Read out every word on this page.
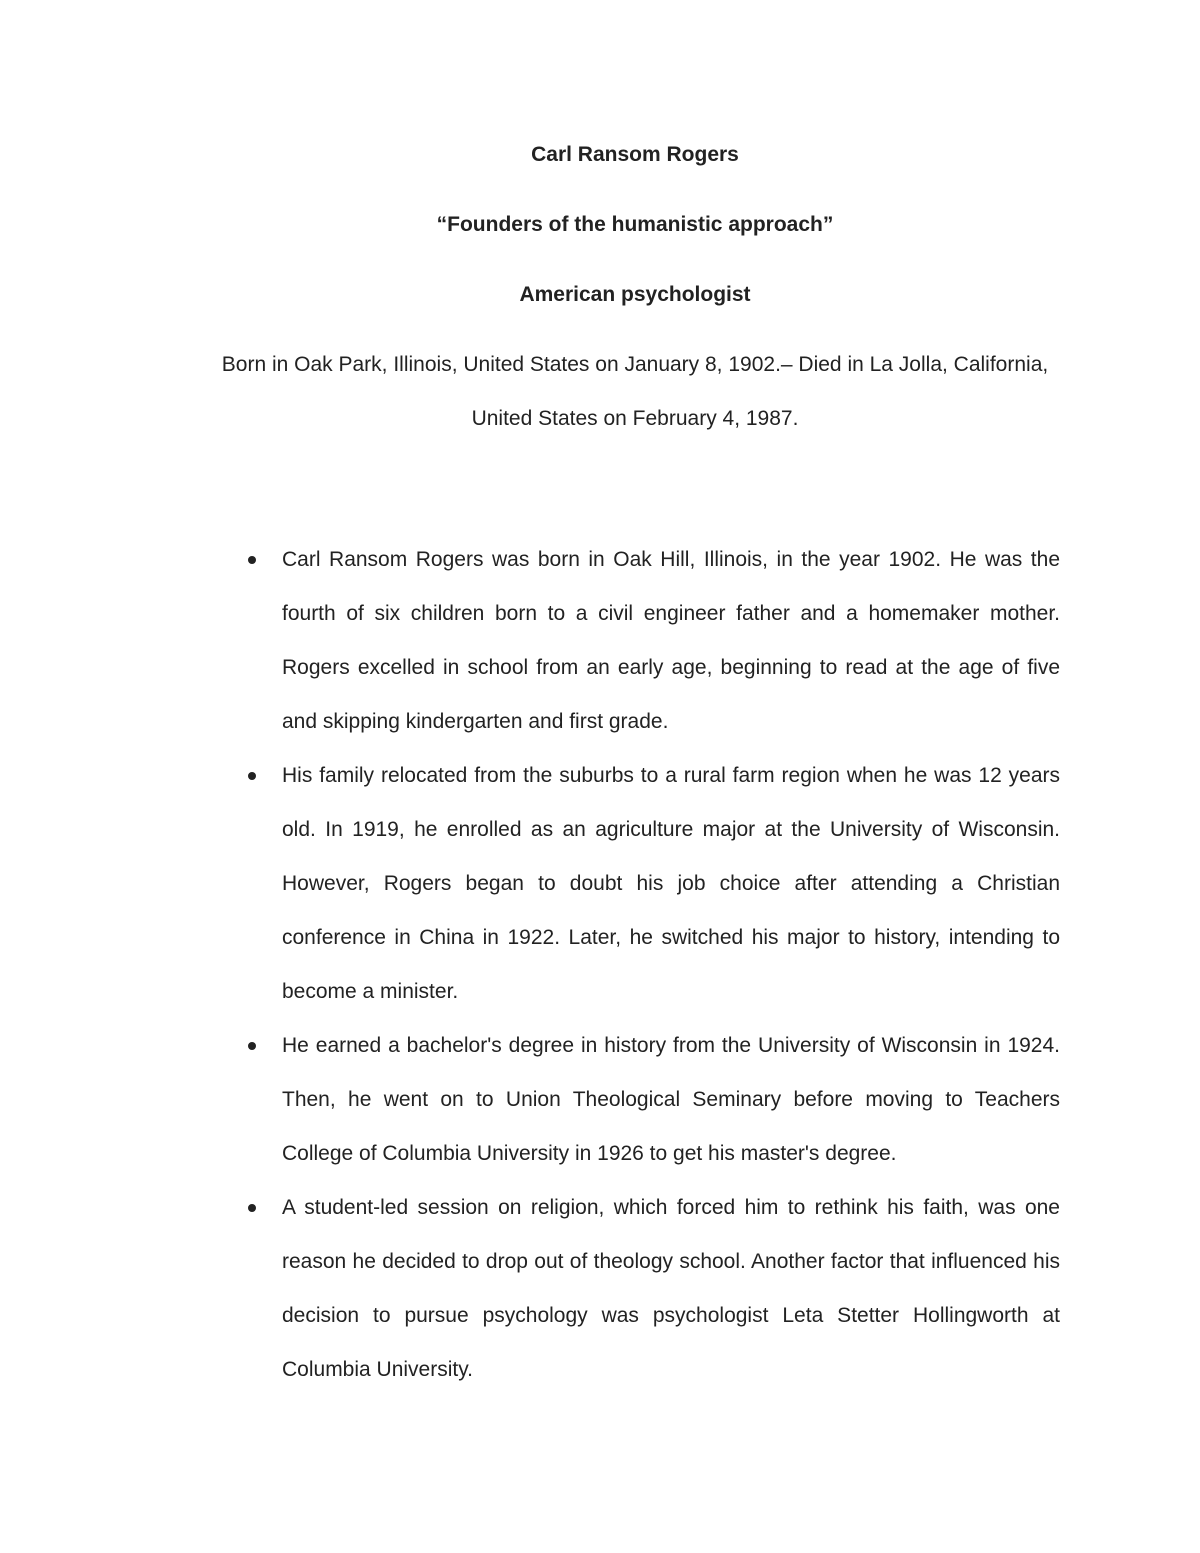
Carl Ransom Rogers
“Founders of the humanistic approach”
American psychologist

Born in Oak Park, Illinois, United States on January 8, 1902.– Died in La Jolla, California, United States on February 4, 1987.

Carl Ransom Rogers was born in Oak Hill, Illinois, in the year 1902. He was the fourth of six children born to a civil engineer father and a homemaker mother. Rogers excelled in school from an early age, beginning to read at the age of five and skipping kindergarten and first grade.
His family relocated from the suburbs to a rural farm region when he was 12 years old. In 1919, he enrolled as an agriculture major at the University of Wisconsin. However, Rogers began to doubt his job choice after attending a Christian conference in China in 1922. Later, he switched his major to history, intending to become a minister.
He earned a bachelor's degree in history from the University of Wisconsin in 1924. Then, he went on to Union Theological Seminary before moving to Teachers College of Columbia University in 1926 to get his master's degree.
A student-led session on religion, which forced him to rethink his faith, was one reason he decided to drop out of theology school. Another factor that influenced his decision to pursue psychology was psychologist Leta Stetter Hollingworth at Columbia University.
